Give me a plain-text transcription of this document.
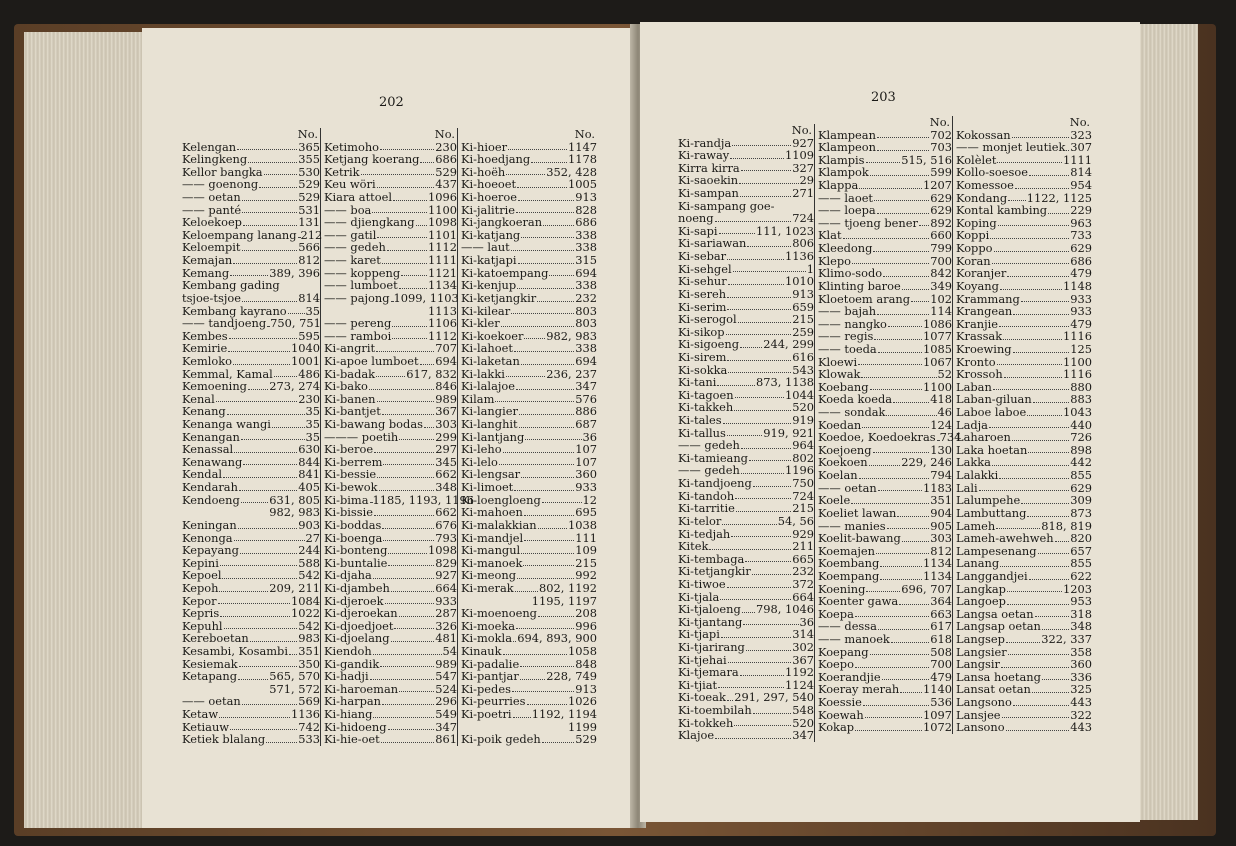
202
No.
Kelengan	365
Kelingkeng	355
Kellor bangka	530
—— goenong	529
—— oetan	529
—— panté	531
Keloekoep	131
Keloempang lanang 212
Keloempit	566
Kemajan	812
Kemang	389, 396
Kembang gading
tsjoe-tsjoe	814
Kembang kayrano 35
—— tandjoeng 750, 751
Kembes	595
Kemirie	1040
Kemloko	1001
Kemmal, Kamal 486
Kemoening 273, 274
Kenal	230
Kenang	35
Kenanga wangi	35
Kenangan	35
Kenassal	630
Kenawang	844
Kendal	841
Kendarah	405
Kendoeng	631, 805
982, 983
Keningan	903
Kenonga	27
Kepayang	244
Kepini	588
Kepoel	542
Kepoh	209, 211
Kepor	1084
Kepris	1022
Kepuhl	542
Kereboetan	983
Kesambi, Kosambi 351
Kesiemak	350
Ketapang	565, 570
571, 572
—— oetan	569
Ketaw	1136
Ketiauw	742
Ketiek blalang	533
No.
Ketimoho	230
Ketjang koerang 686
Ketrik	529
Keu wöri	437
Kiara attoel	1096
—— boa	1100
—— djiengkang 1098
—— gatil	1101
—— gedeh	1112
—— karet	1111
—— koppeng 1121
—— lumboet	1134
—— pajong 1099, 1103
1113
—— pereng	1106
—— ramboi	1112
Ki-angrit	707
Ki-apoe lumboet 694
Ki-badak	617, 832
Ki-bako	846
Ki-banen	989
Ki-bantjet	367
Ki-bawang bodas 303
——— poetih	299
Ki-beroe	297
Ki-berrem	345
Ki-bessie	662
Ki-bewok	348
Ki-bima 1185, 1193, 1196
Ki-bissie	662
Ki-boddas	676
Ki-boenga	793
Ki-bonteng	1098
Ki-buntalie	829
Ki-djaha	927
Ki-djambeh	664
Ki-djeroek	933
Ki-djeroekan	287
Ki-djoedjoet	326
Ki-djoelang	481
Kiendoh	54
Ki-gandik	989
Ki-hadji	547
Ki-haroeman	524
Ki-harpan	296
Ki-hiang	549
Ki-hidoeng	347
Ki-hie-oet	861
No.
Ki-hioer	1147
Ki-hoedjang	1178
Ki-hoëh	352, 428
Ki-hoeoet	1005
Ki-hoeroe	913
Ki-jalitrie	828
Ki-jangkoeran	686
Ki-katjang	338
—— laut	338
Ki-katjapi	315
Ki-katoempang 694
Ki-kenjup	338
Ki-ketjangkir	232
Ki-kilear	803
Ki-kler	803
Ki-koekoer 982, 983
Ki-lahoet	338
Ki-laketan	694
Ki-lakki	236, 237
Ki-lalajoe	347
Kilam	576
Ki-langier	886
Ki-langhit	687
Ki-lantjang	36
Ki-leho	107
Ki-lelo	107
Ki-lengsar	360
Ki-limoet	933
Ki-loengloeng	12
Ki-mahoen	695
Ki-malakkian	1038
Ki-mandjel	111
Ki-mangul	109
Ki-manoek	215
Ki-meong	992
Ki-merak 802, 1192
1195, 1197
Ki-moenoeng	208
Ki-moeka	996
Ki-mokla 694, 893, 900
Kinauk	1058
Ki-padalie	848
Ki-pantjar 228, 749
Ki-pedes	913
Ki-peurries	1026
Ki-poetri 1192, 1194
1199
Ki-poik gedeh	529
203
No.
Ki-randja	927
Ki-raway	1109
Kirra kirra	327
Ki-saoekin	29
Ki-sampan	271
Ki-sampang goe-
noeng	724
Ki-sapi	111, 1023
Ki-sariawan	806
Ki-sebar	1136
Ki-sehgel	1
Ki-sehur	1010
Ki-sereh	913
Ki-serim	659
Ki-serogol	215
Ki-sikop	259
Ki-sigoeng 244, 299
Ki-sirem	616
Ki-sokka	543
Ki-tani	873, 1138
Ki-tagoen	1044
Ki-takkeh	520
Ki-tales	919
Ki-tallus	919, 921
—— gedeh	964
Ki-tamieang	802
—— gedeh	1196
Ki-tandjoeng	750
Ki-tandoh	724
Ki-tarritie	215
Ki-telor	54, 56
Ki-tedjah	929
Kitek	211
Ki-tembaga	665
Ki-tetjangkir	232
Ki-tiwoe	372
Ki-tjala	664
Ki-tjaloeng 798, 1046
Ki-tjantang	36
Ki-tjapi	314
Ki-tjarirang	302
Ki-tjehai	367
Ki-tjemara	1192
Ki-tjiat	1124
Ki-toeak 291, 297, 540
Ki-toembilah	548
Ki-tokkeh	520
Klajoe	347
No.
Klampean	702
Klampeon	703
Klampis	515, 516
Klampok	599
Klappa	1207
—— laoet	629
—— loepa	629
—— tjoeng bener 892
Klat	660
Kleedong	799
Klepo	700
Klimo-sodo	842
Klinting baroe	349
Kloetoem arang 102
—— bajah	114
—— nangko	1086
—— regis	1077
—— toeda	1085
Kloewi	1067
Klowak	52
Koebang	1100
Koeda koeda	418
—— sondak	46
Koedan	124
Koedoe, Koedoekras 734
Koejoeng	130
Koekoen	229, 246
Koelan	794
—— oetan	1183
Koele	351
Koeliet lawan	904
—— manies	905
Koelit-bawang	303
Koemajen	812
Koembang	1134
Koempang	1134
Koening	696, 707
Koenter gawa	364
Koepa	663
—— dessa	617
—— manoek	618
Koepang	508
Koepo	700
Koerandjie	479
Koeray merah 1140
Koessie	536
Koewah	1097
Kokap	1072
No.
Kokossan	323
—— monjet leutiek 307
Kolèlet	1111
Kollo-soesoe	814
Komessoe	954
Kondang 1122, 1125
Kontal kambing 229
Koping	963
Koppi	733
Koppo	629
Koran	686
Koranjer	479
Koyang	1148
Krammang	933
Krangean	933
Kranjie	479
Krassak	1116
Kroewing	125
Kronto	1100
Krossoh	1116
Laban	880
Laban-giluan	883
Laboe laboe	1043
Ladja	440
Laharoen	726
Laka hoetan	898
Lakka	442
Lalakki	855
Lali	629
Lalumpehe	309
Lambuttang	873
Lameh	818, 819
Lameh-awehweh 820
Lampesenang	657
Lanang	855
Langgandjei	622
Langkap	1203
Langoep	953
Langsa oetan	318
Langsap oetan	348
Langsep	322, 337
Langsier	358
Langsir	360
Lansa hoetang	336
Lansat oetan	325
Langsono	443
Lansjee	322
Lansono	443
